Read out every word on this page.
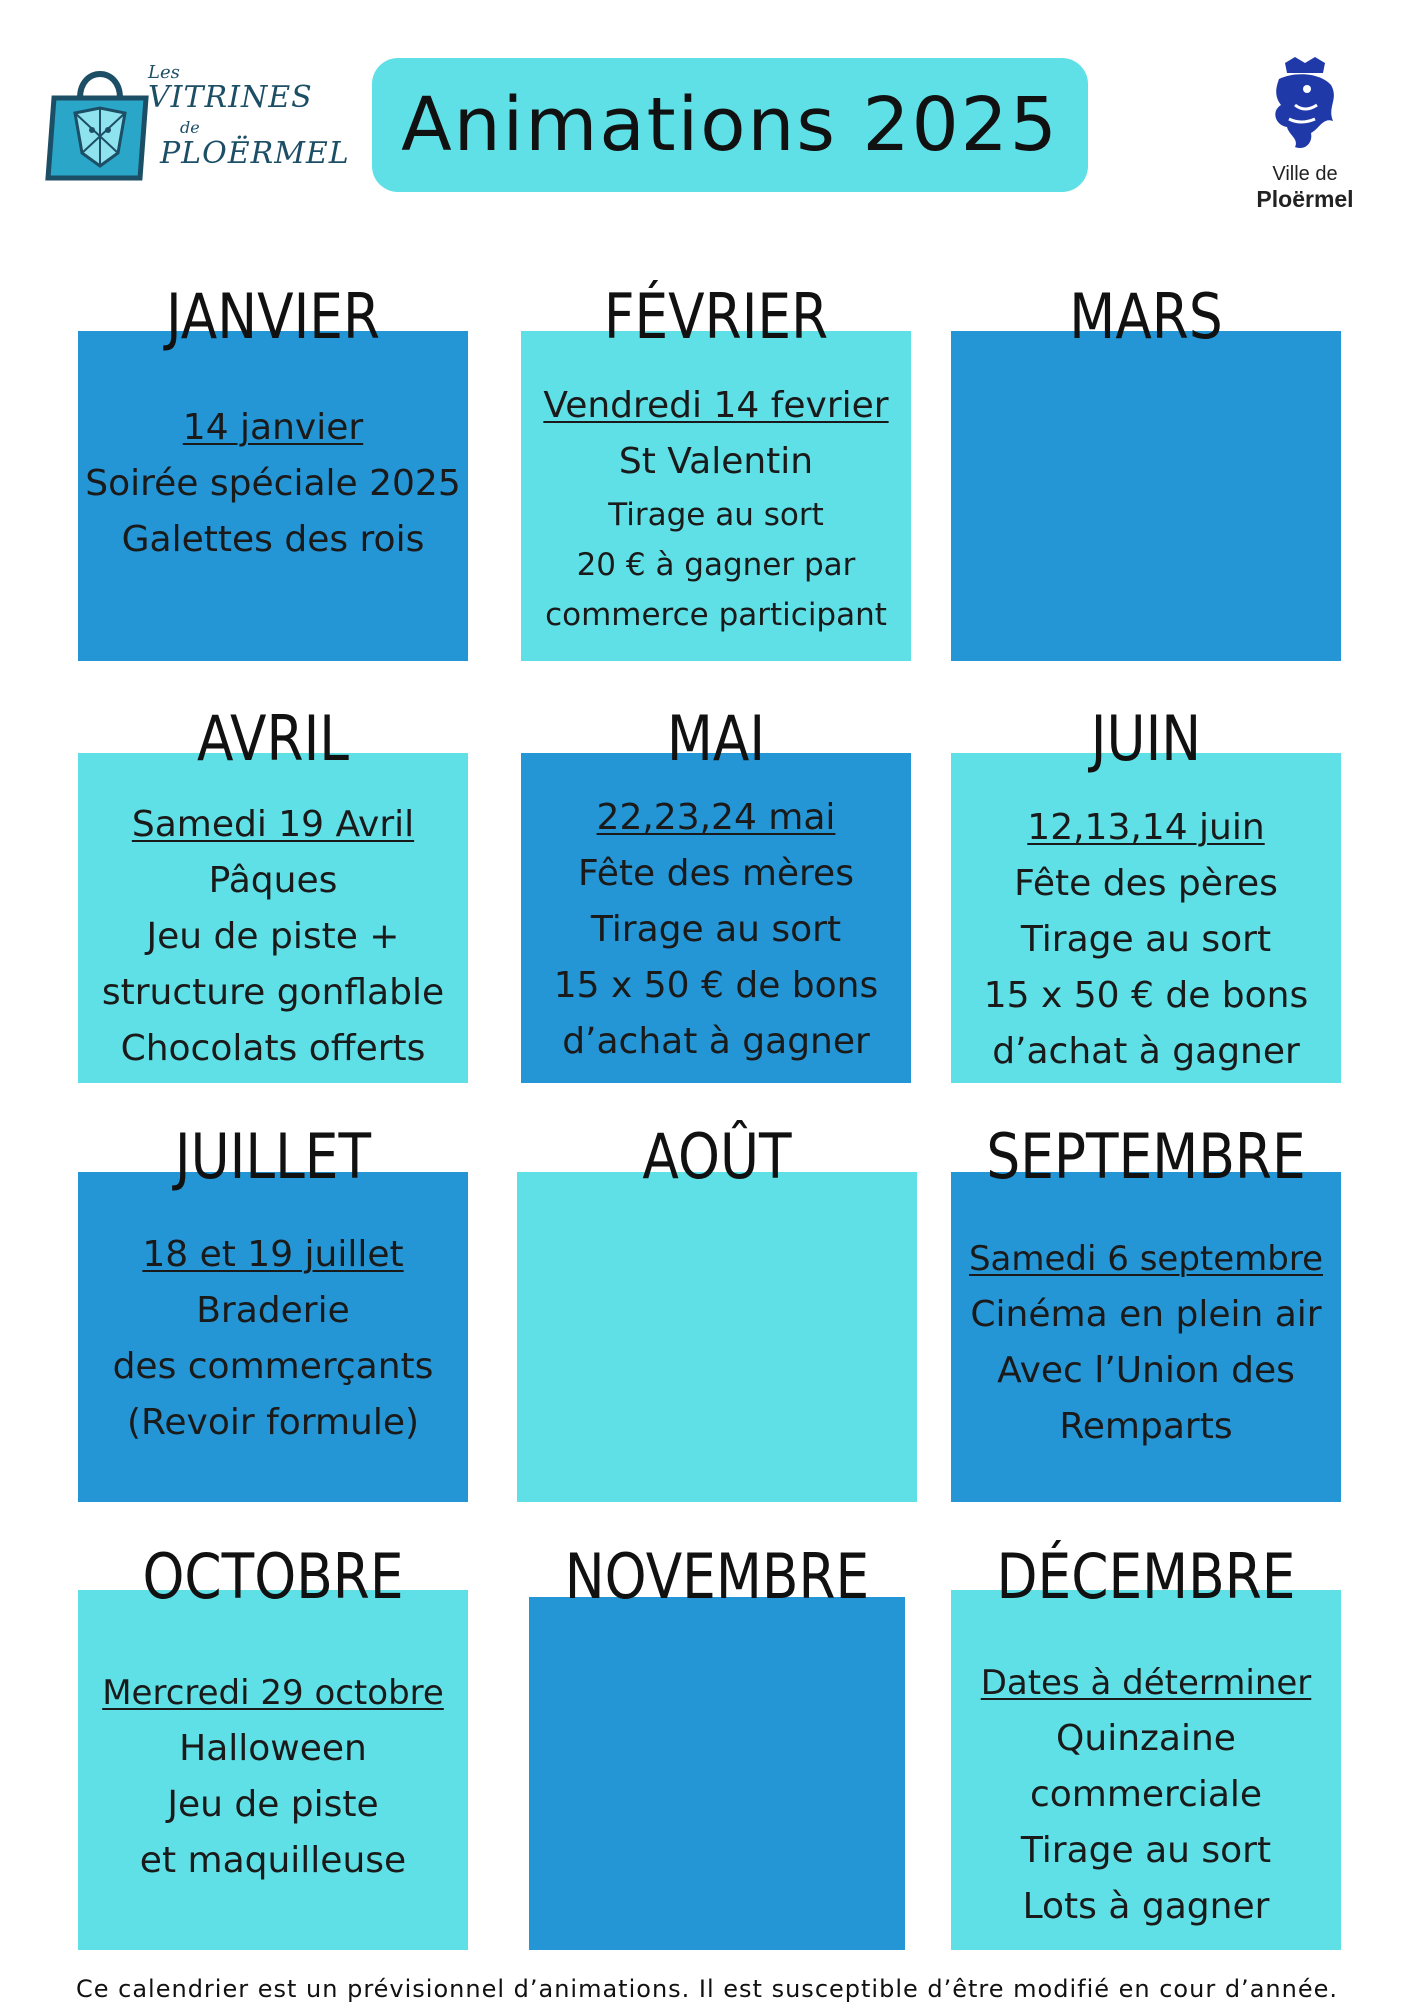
Les
VITRINES
de
PLOËRMEL Animations 2025
Ville de
Ploërmel
JANVIER
14 janvier
Soirée spéciale 2025
Galettes des rois
FÉVRIER
Vendredi 14 fevrier
St Valentin
Tirage au sort
20 € à gagner par
commerce participant
MARS
AVRIL
Samedi 19 Avril
Pâques
Jeu de piste +
structure gonflable
Chocolats offerts
MAI
22,23,24 mai
Fête des mères
Tirage au sort
15 x 50 € de bons
d’achat à gagner
JUIN
12,13,14 juin
Fête des pères
Tirage au sort
15 x 50 € de bons
d’achat à gagner
JUILLET
18 et 19 juillet
Braderie
des commerçants
(Revoir formule)
AOÛT	SEPTEMBRE
Samedi 6 septembre
Cinéma en plein air
Avec l’Union des
Remparts
OCTOBRE
Mercredi 29 octobre
Halloween
Jeu de piste
et maquilleuse
NOVEMBRE	DÉCEMBRE
Dates à déterminer
Quinzaine
commerciale
Tirage au sort
Lots à gagner
Ce calendrier est un prévisionnel d’animations. Il est susceptible d’être modifié en cour d’année.
